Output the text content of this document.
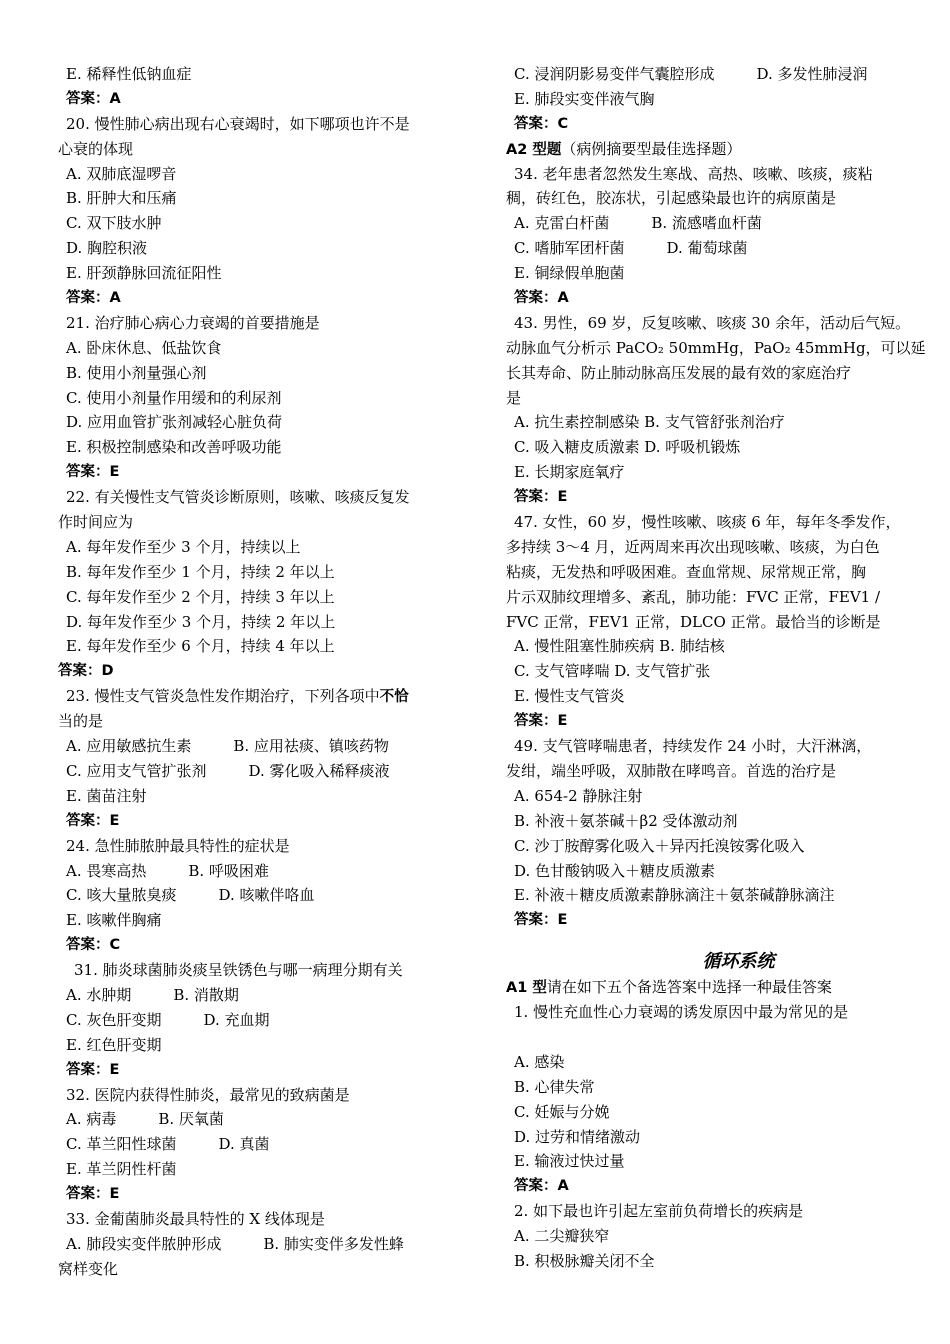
E. 稀释性低钠血症
答案：A
20. 慢性肺心病出现右心衰竭时，如下哪项也许不是
心衰的体现
A. 双肺底湿啰音
B. 肝肿大和压痛
C. 双下肢水肿
D. 胸腔积液
E. 肝颈静脉回流征阳性
答案：A
21. 治疗肺心病心力衰竭的首要措施是
A. 卧床休息、低盐饮食
B. 使用小剂量强心剂
C. 使用小剂量作用缓和的利尿剂
D. 应用血管扩张剂减轻心脏负荷
E. 积极控制感染和改善呼吸功能
答案：E
22. 有关慢性支气管炎诊断原则，咳嗽、咳痰反复发
作时间应为
A. 每年发作至少 3 个月，持续以上
B. 每年发作至少 1 个月，持续 2 年以上
C. 每年发作至少 2 个月，持续 3 年以上
D. 每年发作至少 3 个月，持续 2 年以上
E. 每年发作至少 6 个月，持续 4 年以上
答案：D
23. 慢性支气管炎急性发作期治疗，下列各项中不恰
当的是
A. 应用敏感抗生素	B. 应用祛痰、镇咳药物
C. 应用支气管扩张剂	D. 雾化吸入稀释痰液
E. 菌苗注射
答案：E
24. 急性肺脓肿最具特性的症状是
A. 畏寒高热	B. 呼吸困难
C. 咳大量脓臭痰	D. 咳嗽伴咯血
E. 咳嗽伴胸痛
答案：C
31. 肺炎球菌肺炎痰呈铁锈色与哪一病理分期有关
A. 水肿期	B. 消散期
C. 灰色肝变期	D. 充血期
E. 红色肝变期
答案：E
32. 医院内获得性肺炎，最常见的致病菌是
A. 病毒	B. 厌氧菌
C. 革兰阳性球菌	D. 真菌
E. 革兰阴性杆菌
答案：E
33. 金葡菌肺炎最具特性的 X 线体现是
A. 肺段实变伴脓肿形成	B. 肺实变伴多发性蜂
窝样变化
C. 浸润阴影易变伴气囊腔形成	D. 多发性肺浸润
E. 肺段实变伴液气胸
答案：C
A2 型题（病例摘要型最佳选择题）
34. 老年患者忽然发生寒战、高热、咳嗽、咳痰，痰粘
稠，砖红色，胶冻状，引起感染最也许的病原菌是
A. 克雷白杆菌	B. 流感嗜血杆菌
C. 嗜肺军团杆菌	D. 葡萄球菌
E. 铜绿假单胞菌
答案：A
43. 男性，69 岁，反复咳嗽、咳痰 30 余年，活动后气短。
动脉血气分析示 PaCO₂ 50mmHg，PaO₂ 45mmHg，可以延
长其寿命、防止肺动脉高压发展的最有效的家庭治疗
是
A. 抗生素控制感染 B. 支气管舒张剂治疗
C. 吸入糖皮质激素 D. 呼吸机锻炼
E. 长期家庭氧疗
答案：E
47. 女性，60 岁，慢性咳嗽、咳痰 6 年，每年冬季发作，
多持续 3～4 月，近两周来再次出现咳嗽、咳痰，为白色
粘痰，无发热和呼吸困难。查血常规、尿常规正常，胸
片示双肺纹理增多、紊乱，肺功能：FVC 正常，FEV1 /
FVC 正常，FEV1 正常，DLCO 正常。最恰当的诊断是
A. 慢性阻塞性肺疾病 B. 肺结核
C. 支气管哮喘 D. 支气管扩张
E. 慢性支气管炎
答案：E
49. 支气管哮喘患者，持续发作 24 小时，大汗淋漓，
发绀，端坐呼吸，双肺散在哮鸣音。首选的治疗是
A. 654-2 静脉注射
B. 补液＋氨茶碱＋β2 受体激动剂
C. 沙丁胺醇雾化吸入＋异丙托溴铵雾化吸入
D. 色甘酸钠吸入＋糖皮质激素
E. 补液＋糖皮质激素静脉滴注＋氨茶碱静脉滴注
答案：E
循环系统
A1 型请在如下五个备选答案中选择一种最佳答案
1. 慢性充血性心力衰竭的诱发原因中最为常见的是
A. 感染
B. 心律失常
C. 妊娠与分娩
D. 过劳和情绪激动
E. 输液过快过量
答案：A
2. 如下最也许引起左室前负荷增长的疾病是
A. 二尖瓣狭窄
B. 积极脉瓣关闭不全
